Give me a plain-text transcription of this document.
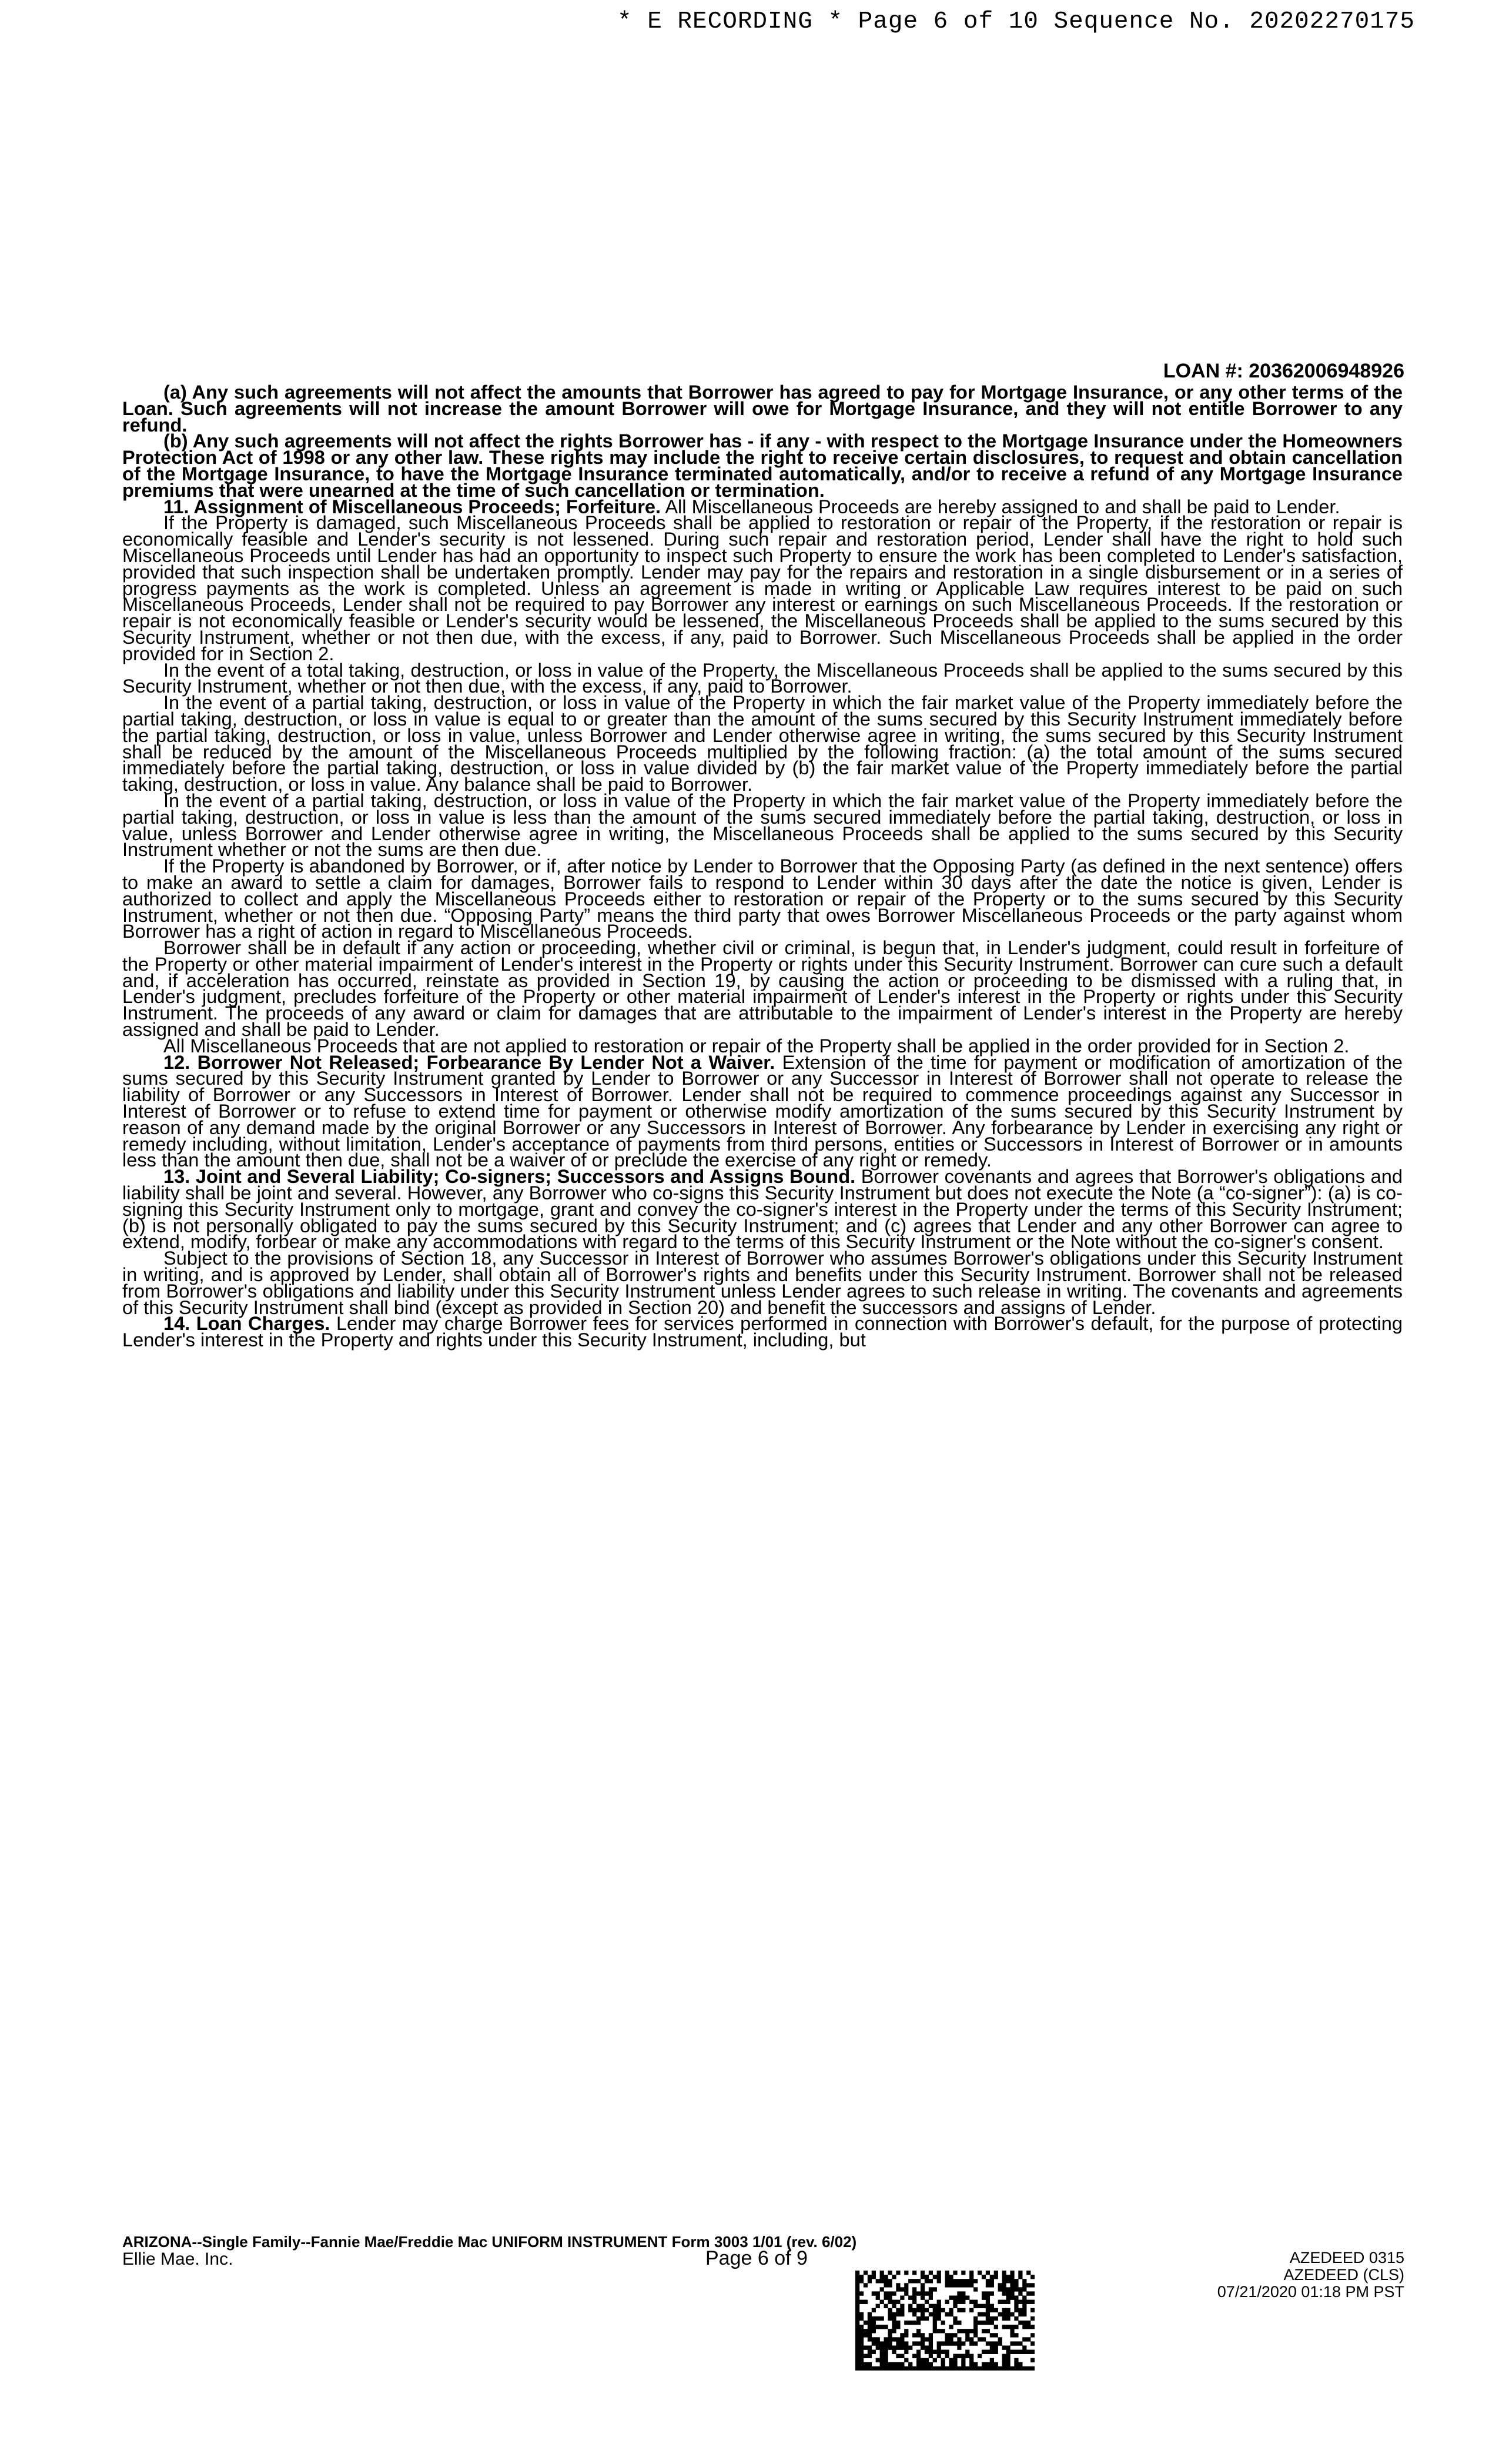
* E RECORDING * Page 6 of 10 Sequence No. 20202270175
LOAN #: 20362006948926

(a) Any such agreements will not affect the amounts that Borrower has agreed to pay for Mortgage Insurance, or any other terms of the Loan. Such agreements will not increase the amount Borrower will owe for Mortgage Insurance, and they will not entitle Borrower to any refund.

(b) Any such agreements will not affect the rights Borrower has - if any - with respect to the Mortgage Insurance under the Homeowners Protection Act of 1998 or any other law. These rights may include the right to receive certain disclosures, to request and obtain cancellation of the Mortgage Insurance, to have the Mortgage Insurance terminated automatically, and/or to receive a refund of any Mortgage Insurance premiums that were unearned at the time of such cancellation or termination.

11. Assignment of Miscellaneous Proceeds; Forfeiture. All Miscellaneous Proceeds are hereby assigned to and shall be paid to Lender.

If the Property is damaged, such Miscellaneous Proceeds shall be applied to restoration or repair of the Property, if the restoration or repair is economically feasible and Lender's security is not lessened. During such repair and restoration period, Lender shall have the right to hold such Miscellaneous Proceeds until Lender has had an opportunity to inspect such Property to ensure the work has been completed to Lender's satisfaction, provided that such inspection shall be undertaken promptly. Lender may pay for the repairs and restoration in a single disbursement or in a series of progress payments as the work is completed. Unless an agreement is made in writing or Applicable Law requires interest to be paid on such Miscellaneous Proceeds, Lender shall not be required to pay Borrower any interest or earnings on such Miscellaneous Proceeds. If the restoration or repair is not economically feasible or Lender's security would be lessened, the Miscellaneous Proceeds shall be applied to the sums secured by this Security Instrument, whether or not then due, with the excess, if any, paid to Borrower. Such Miscellaneous Proceeds shall be applied in the order provided for in Section 2.

In the event of a total taking, destruction, or loss in value of the Property, the Miscellaneous Proceeds shall be applied to the sums secured by this Security Instrument, whether or not then due, with the excess, if any, paid to Borrower.

In the event of a partial taking, destruction, or loss in value of the Property in which the fair market value of the Property immediately before the partial taking, destruction, or loss in value is equal to or greater than the amount of the sums secured by this Security Instrument immediately before the partial taking, destruction, or loss in value, unless Borrower and Lender otherwise agree in writing, the sums secured by this Security Instrument shall be reduced by the amount of the Miscellaneous Proceeds multiplied by the following fraction: (a) the total amount of the sums secured immediately before the partial taking, destruction, or loss in value divided by (b) the fair market value of the Property immediately before the partial taking, destruction, or loss in value. Any balance shall be paid to Borrower.

In the event of a partial taking, destruction, or loss in value of the Property in which the fair market value of the Property immediately before the partial taking, destruction, or loss in value is less than the amount of the sums secured immediately before the partial taking, destruction, or loss in value, unless Borrower and Lender otherwise agree in writing, the Miscellaneous Proceeds shall be applied to the sums secured by this Security Instrument whether or not the sums are then due.

If the Property is abandoned by Borrower, or if, after notice by Lender to Borrower that the Opposing Party (as defined in the next sentence) offers to make an award to settle a claim for damages, Borrower fails to respond to Lender within 30 days after the date the notice is given, Lender is authorized to collect and apply the Miscellaneous Proceeds either to restoration or repair of the Property or to the sums secured by this Security Instrument, whether or not then due. “Opposing Party” means the third party that owes Borrower Miscellaneous Proceeds or the party against whom Borrower has a right of action in regard to Miscellaneous Proceeds.

Borrower shall be in default if any action or proceeding, whether civil or criminal, is begun that, in Lender's judgment, could result in forfeiture of the Property or other material impairment of Lender's interest in the Property or rights under this Security Instrument. Borrower can cure such a default and, if acceleration has occurred, reinstate as provided in Section 19, by causing the action or proceeding to be dismissed with a ruling that, in Lender's judgment, precludes forfeiture of the Property or other material impairment of Lender's interest in the Property or rights under this Security Instrument. The proceeds of any award or claim for damages that are attributable to the impairment of Lender's interest in the Property are hereby assigned and shall be paid to Lender.

All Miscellaneous Proceeds that are not applied to restoration or repair of the Property shall be applied in the order provided for in Section 2.

12. Borrower Not Released; Forbearance By Lender Not a Waiver. Extension of the time for payment or modification of amortization of the sums secured by this Security Instrument granted by Lender to Borrower or any Successor in Interest of Borrower shall not operate to release the liability of Borrower or any Successors in Interest of Borrower. Lender shall not be required to commence proceedings against any Successor in Interest of Borrower or to refuse to extend time for payment or otherwise modify amortization of the sums secured by this Security Instrument by reason of any demand made by the original Borrower or any Successors in Interest of Borrower. Any forbearance by Lender in exercising any right or remedy including, without limitation, Lender's acceptance of payments from third persons, entities or Successors in Interest of Borrower or in amounts less than the amount then due, shall not be a waiver of or preclude the exercise of any right or remedy.

13. Joint and Several Liability; Co-signers; Successors and Assigns Bound. Borrower covenants and agrees that Borrower's obligations and liability shall be joint and several. However, any Borrower who co-signs this Security Instrument but does not execute the Note (a “co-signer”): (a) is co-signing this Security Instrument only to mortgage, grant and convey the co-signer's interest in the Property under the terms of this Security Instrument; (b) is not personally obligated to pay the sums secured by this Security Instrument; and (c) agrees that Lender and any other Borrower can agree to extend, modify, forbear or make any accommodations with regard to the terms of this Security Instrument or the Note without the co-signer's consent.

Subject to the provisions of Section 18, any Successor in Interest of Borrower who assumes Borrower's obligations under this Security Instrument in writing, and is approved by Lender, shall obtain all of Borrower's rights and benefits under this Security Instrument. Borrower shall not be released from Borrower's obligations and liability under this Security Instrument unless Lender agrees to such release in writing. The covenants and agreements of this Security Instrument shall bind (except as provided in Section 20) and benefit the successors and assigns of Lender.

14. Loan Charges. Lender may charge Borrower fees for services performed in connection with Borrower's default, for the purpose of protecting Lender's interest in the Property and rights under this Security Instrument, including, but

ARIZONA--Single Family--Fannie Mae/Freddie Mac UNIFORM INSTRUMENT Form 3003 1/01 (rev. 6/02)
Ellie Mae. Inc.	Page 6 of 9	AZEDEED 0315
AZEDEED (CLS)
07/21/2020 01:18 PM PST
